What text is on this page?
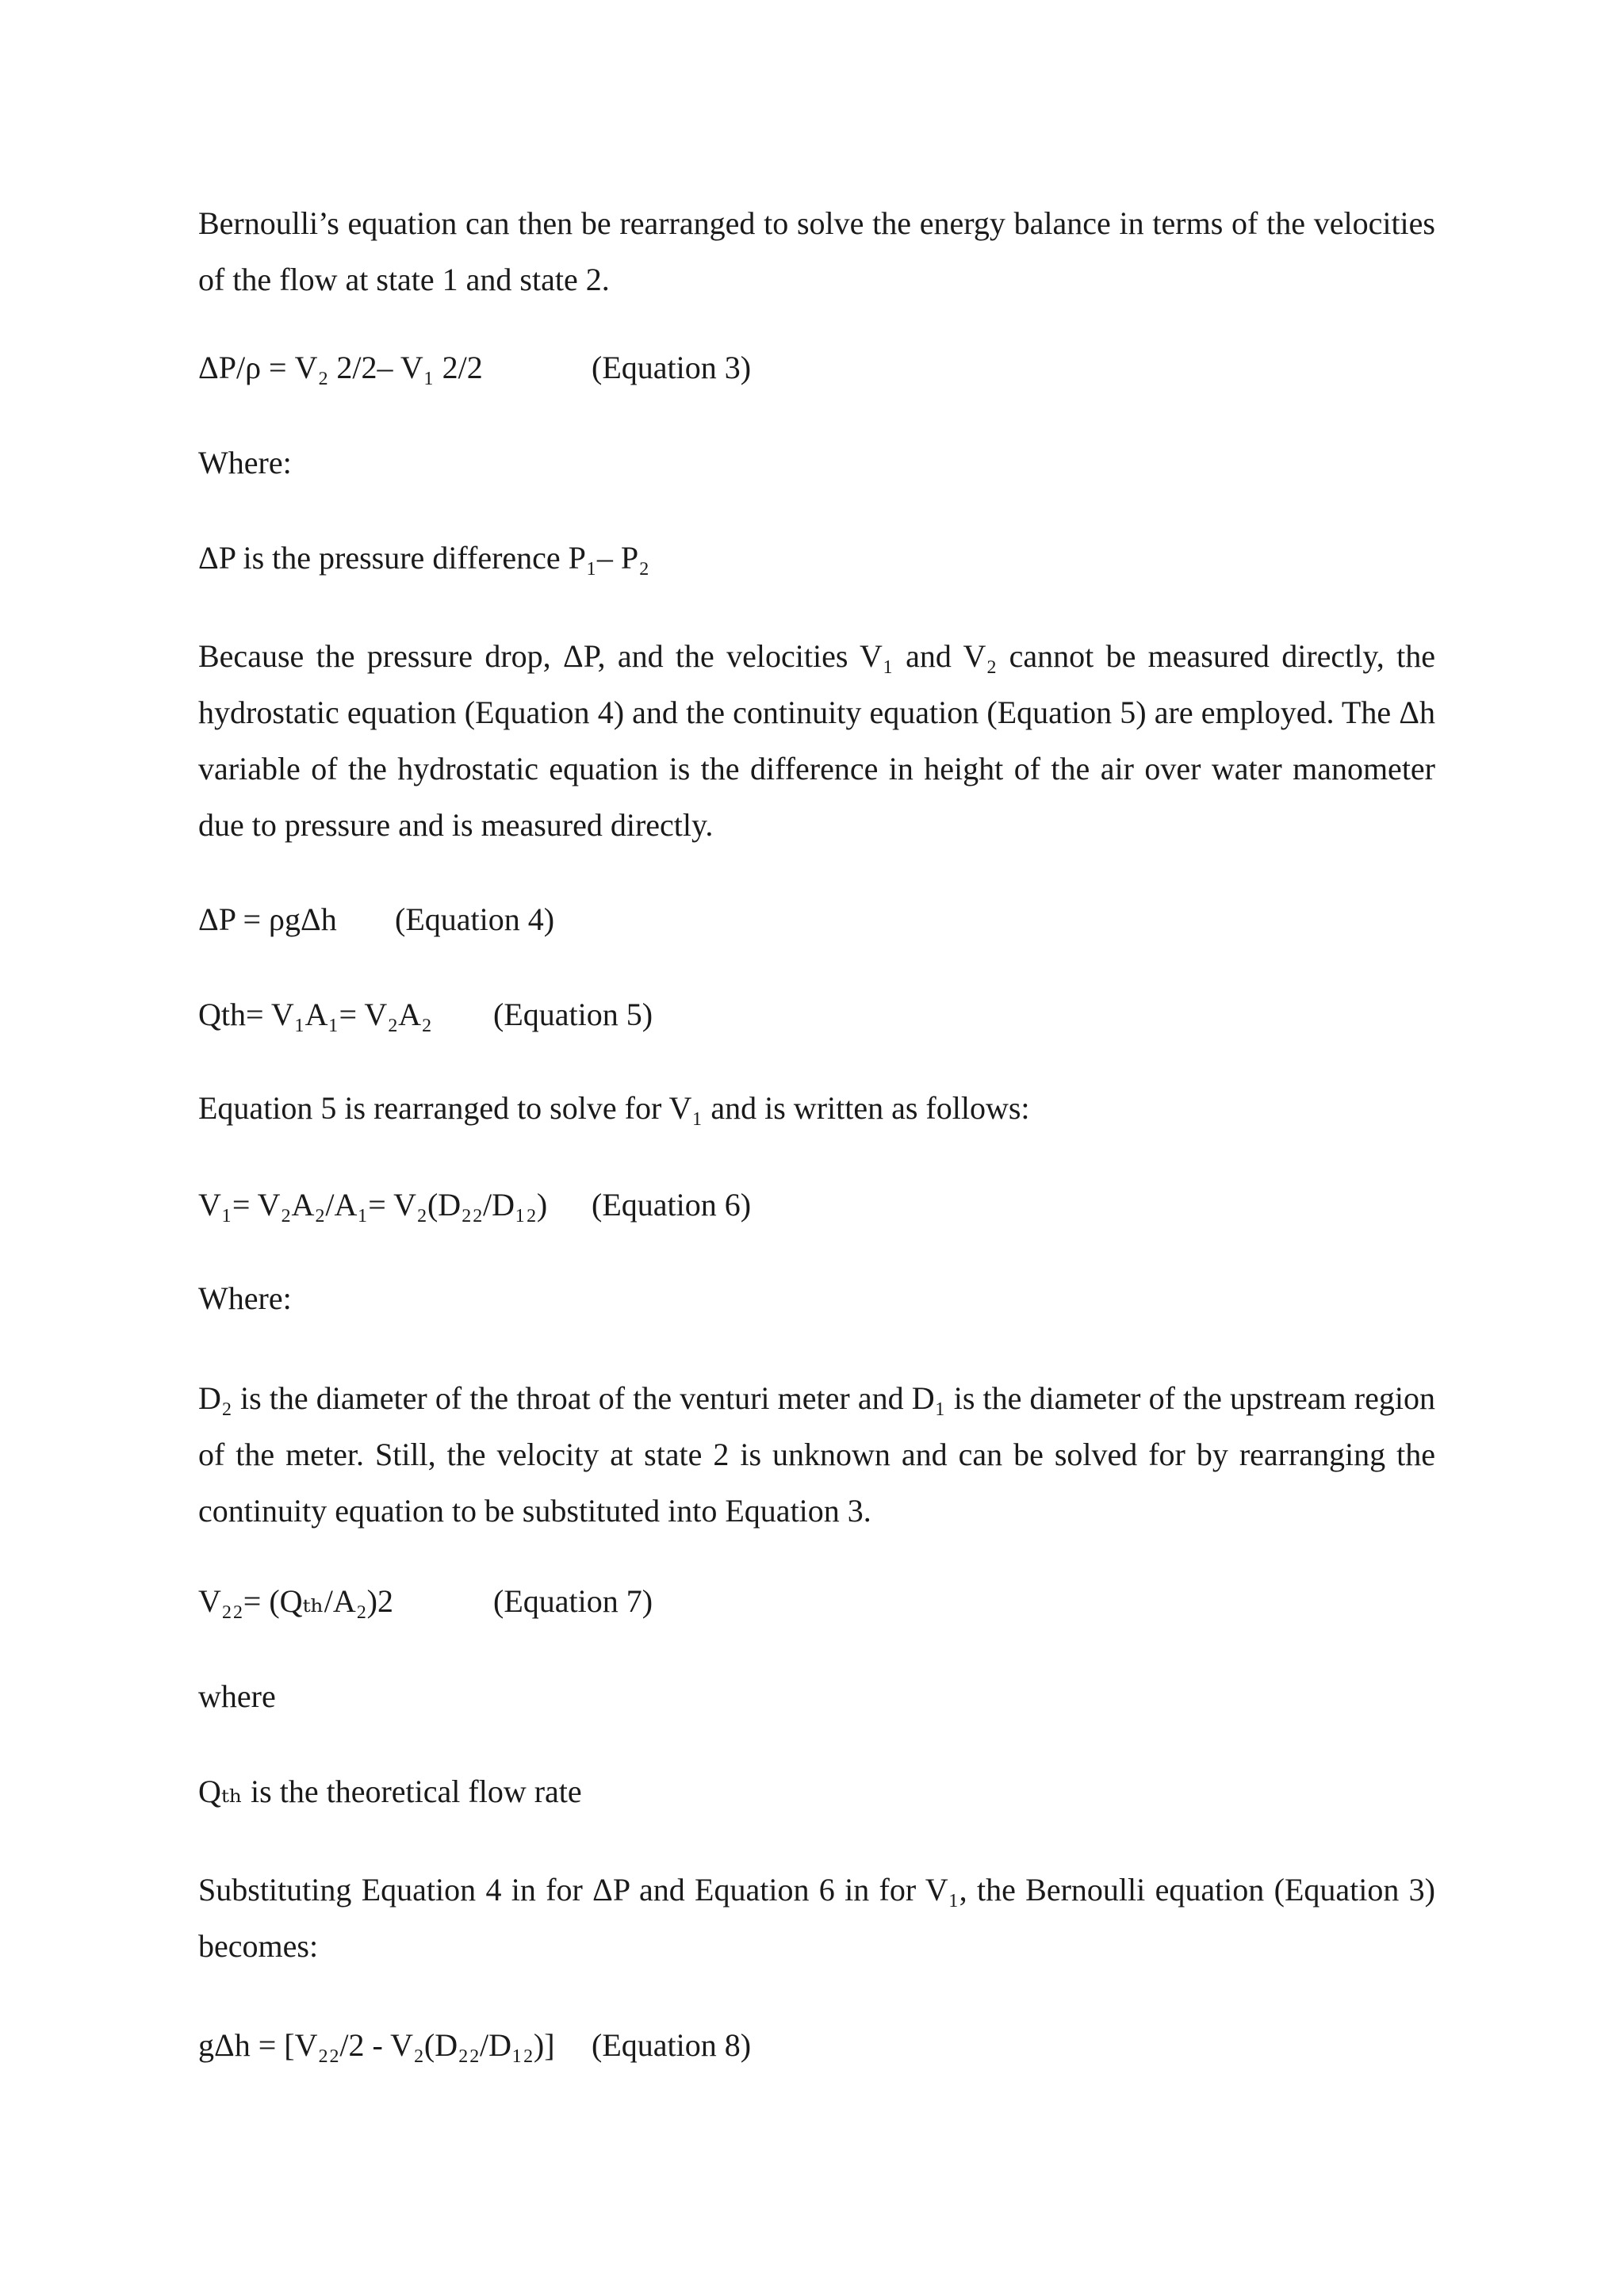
Bernoulli’s equation can then be rearranged to solve the energy balance in terms of the velocities of the flow at state 1 and state 2.
ΔP/ρ = V₂ 2/2– V₁ 2/2	(Equation 3)
Where:
ΔP is the pressure difference P₁– P₂
Because the pressure drop, ΔP, and the velocities V₁ and V₂ cannot be measured directly, the hydrostatic equation (Equation 4) and the continuity equation (Equation 5) are employed. The Δh variable of the hydrostatic equation is the difference in height of the air over water manometer due to pressure and is measured directly.
ΔP = ρgΔh (Equation 4)
Qth= V₁A₁= V₂A₂ (Equation 5)
Equation 5 is rearranged to solve for V₁ and is written as follows:
V₁= V₂A₂/A₁= V₂(D₂₂/D₁₂) (Equation 6)
Where:
D₂ is the diameter of the throat of the venturi meter and D₁ is the diameter of the upstream region of the meter. Still, the velocity at state 2 is unknown and can be solved for by rearranging the continuity equation to be substituted into Equation 3.
V₂₂= (Qₜₕ/A₂)2	(Equation 7)
where
Qₜₕ is the theoretical flow rate
Substituting Equation 4 in for ΔP and Equation 6 in for V₁, the Bernoulli equation (Equation 3) becomes:
gΔh = [V₂₂/2 - V₂(D₂₂/D₁₂)] (Equation 8)
